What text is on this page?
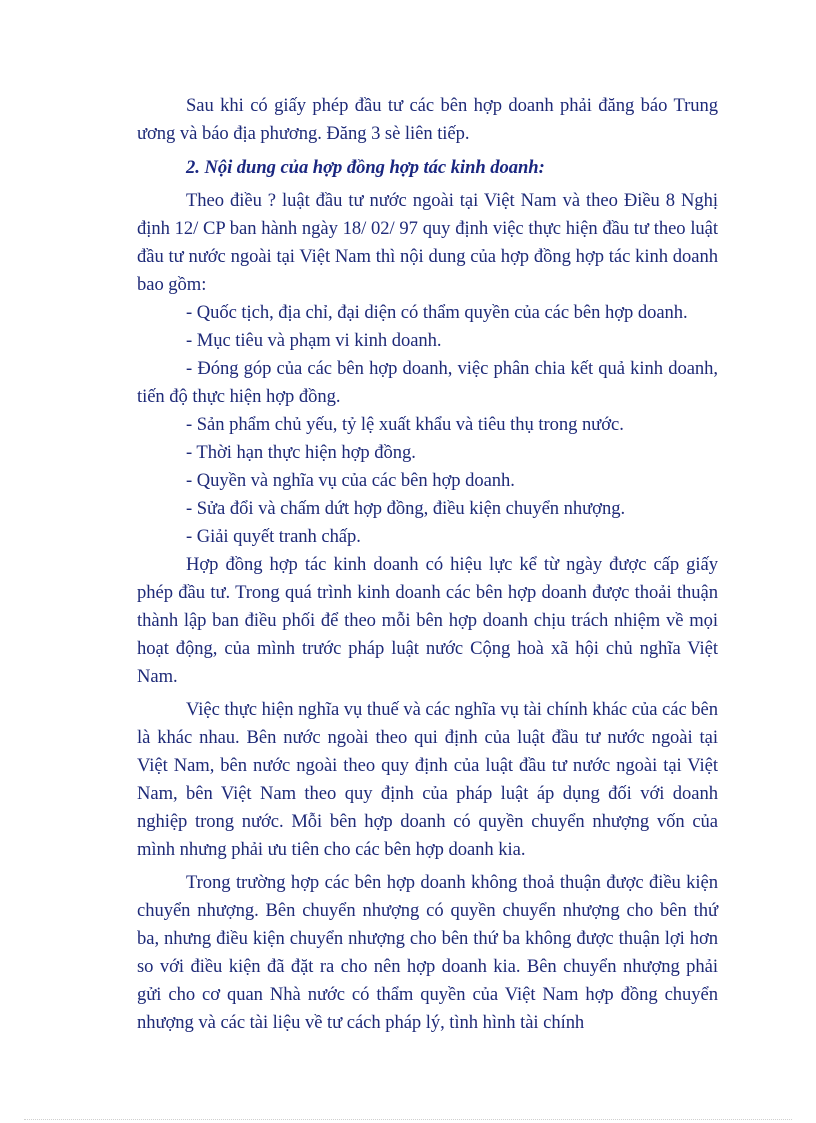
Sau khi có giấy phép đầu tư các bên hợp doanh phải đăng báo Trung ương và báo địa phương. Đăng 3 sè liên tiếp.

2. Nội dung của hợp đồng hợp tác kinh doanh:

Theo điều ? luật đầu tư nước ngoài tại Việt Nam và theo Điều 8 Nghị định 12/ CP ban hành ngày 18/ 02/ 97 quy định việc thực hiện đầu tư theo luật đầu tư nước ngoài tại Việt Nam thì nội dung của hợp đồng hợp tác kinh doanh bao gồm:

- Quốc tịch, địa chỉ, đại diện có thẩm quyền của các bên hợp doanh.

- Mục tiêu và phạm vi kinh doanh.

- Đóng góp của các bên hợp doanh, việc phân chia kết quả kinh doanh, tiến độ thực hiện hợp đồng.

- Sản phẩm chủ yếu, tỷ lệ xuất khẩu và tiêu thụ trong nước.

- Thời hạn thực hiện hợp đồng.

- Quyền và nghĩa vụ của các bên hợp doanh.

- Sửa đổi và chấm dứt hợp đồng, điều kiện chuyển nhượng.

- Giải quyết tranh chấp.

Hợp đồng hợp tác kinh doanh có hiệu lực kể từ ngày được cấp giấy phép đầu tư. Trong quá trình kinh doanh các bên hợp doanh được thoải thuận thành lập ban điều phối để theo mỗi bên hợp doanh chịu trách nhiệm về mọi hoạt động, của mình trước pháp luật nước Cộng hoà xã hội chủ nghĩa Việt Nam.

Việc thực hiện nghĩa vụ thuế và các nghĩa vụ tài chính khác của các bên là khác nhau. Bên nước ngoài theo qui định của luật đầu tư nước ngoài tại Việt Nam, bên nước ngoài theo quy định của luật đầu tư nước ngoài tại Việt Nam, bên Việt Nam theo quy định của pháp luật áp dụng đối với doanh nghiệp trong nước. Mỗi bên hợp doanh có quyền chuyển nhượng vốn của mình nhưng phải ưu tiên cho các bên hợp doanh kia.

Trong trường hợp các bên hợp doanh không thoả thuận được điều kiện chuyển nhượng. Bên chuyển nhượng có quyền chuyển nhượng cho bên thứ ba, nhưng điều kiện chuyển nhượng cho bên thứ ba không được thuận lợi hơn so với điều kiện đã đặt ra cho nên hợp doanh kia. Bên chuyển nhượng phải gửi cho cơ quan Nhà nước có thẩm quyền của Việt Nam hợp đồng chuyển nhượng và các tài liệu về tư cách pháp lý, tình hình tài chính
